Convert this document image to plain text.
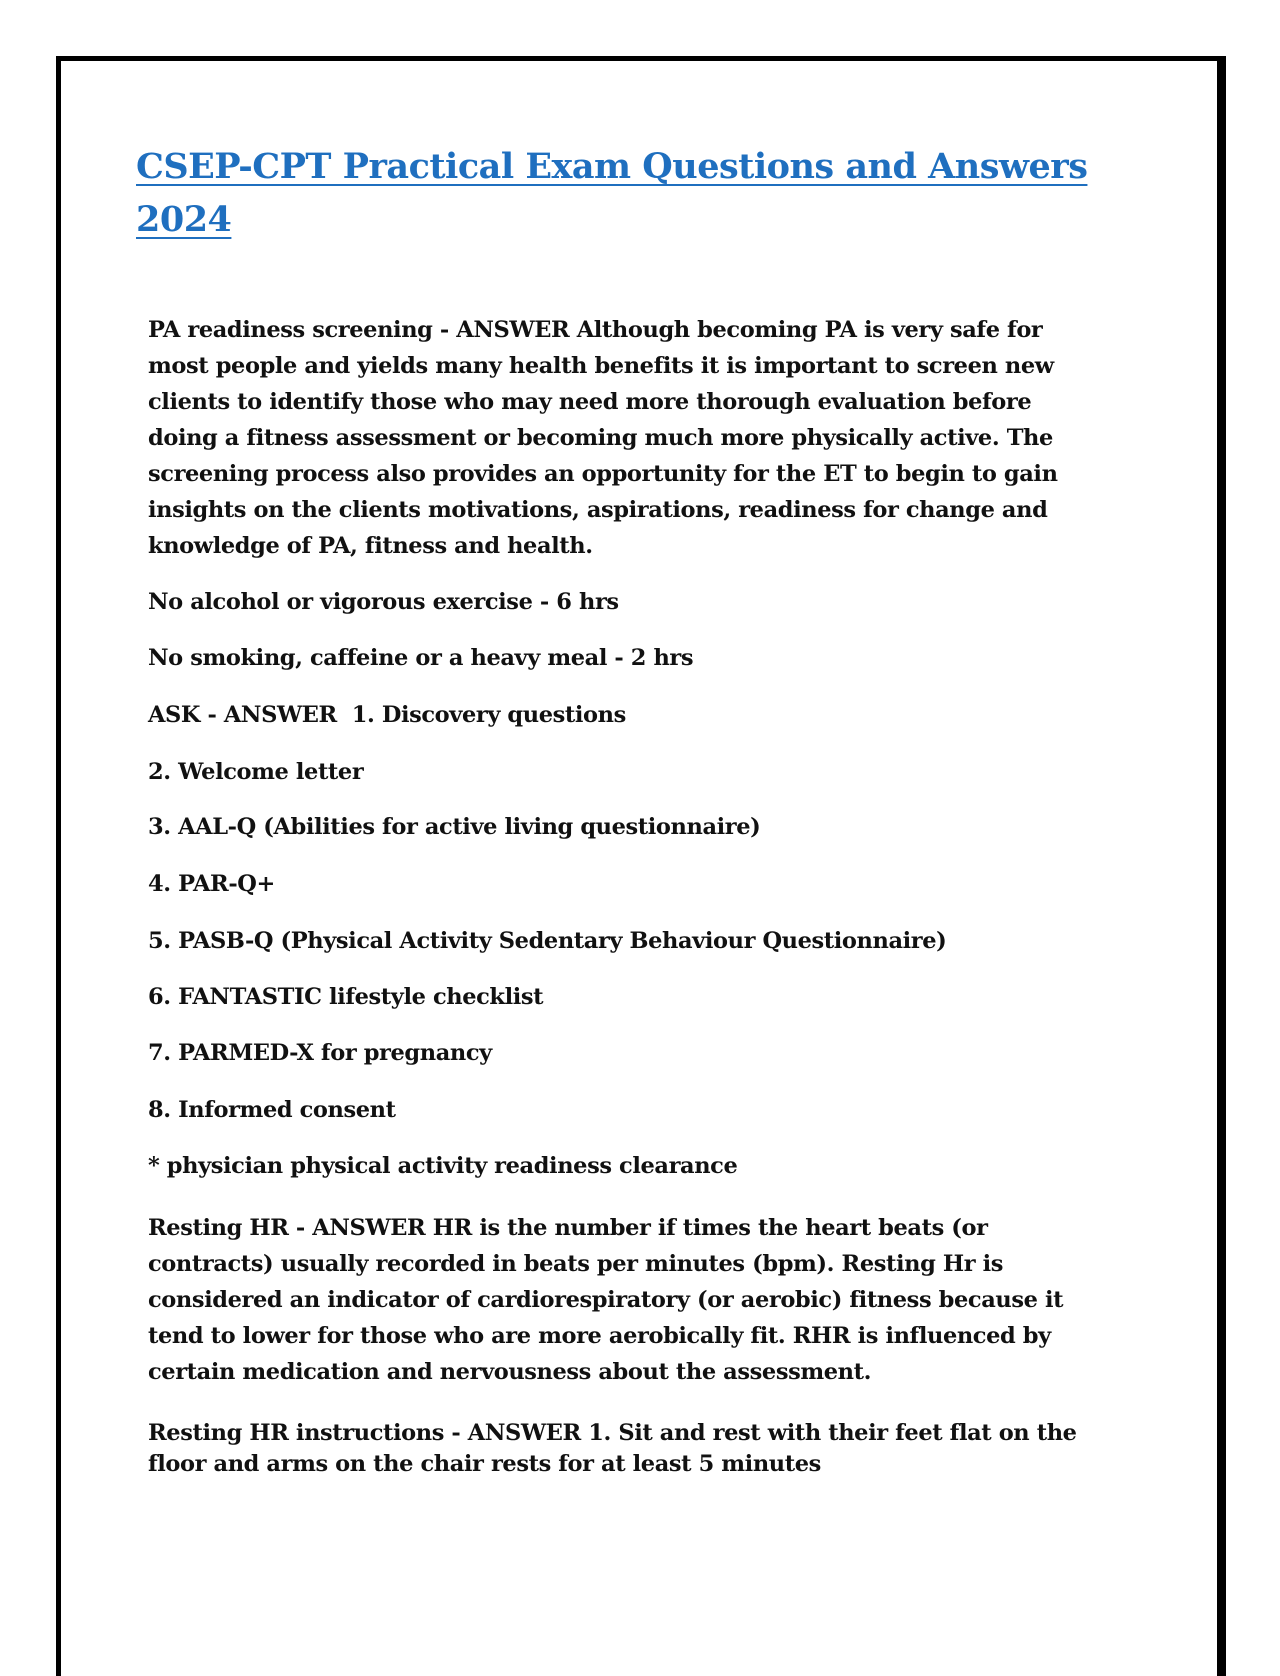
CSEP-CPT Practical Exam Questions and Answers 2024

PA readiness screening - ANSWER Although becoming PA is very safe for most people and yields many health benefits it is important to screen new clients to identify those who may need more thorough evaluation before doing a fitness assessment or becoming much more physically active. The screening process also provides an opportunity for the ET to begin to gain insights on the clients motivations, aspirations, readiness for change and knowledge of PA, fitness and health.

No alcohol or vigorous exercise - 6 hrs

No smoking, caffeine or a heavy meal - 2 hrs

ASK - ANSWER  1. Discovery questions

2. Welcome letter

3. AAL-Q (Abilities for active living questionnaire)

4. PAR-Q+

5. PASB-Q (Physical Activity Sedentary Behaviour Questionnaire)

6. FANTASTIC lifestyle checklist

7. PARMED-X for pregnancy

8. Informed consent

* physician physical activity readiness clearance

Resting HR - ANSWER HR is the number if times the heart beats (or contracts) usually recorded in beats per minutes (bpm). Resting Hr is considered an indicator of cardiorespiratory (or aerobic) fitness because it tend to lower for those who are more aerobically fit. RHR is influenced by certain medication and nervousness about the assessment.

Resting HR instructions - ANSWER 1. Sit and rest with their feet flat on the floor and arms on the chair rests for at least 5 minutes
